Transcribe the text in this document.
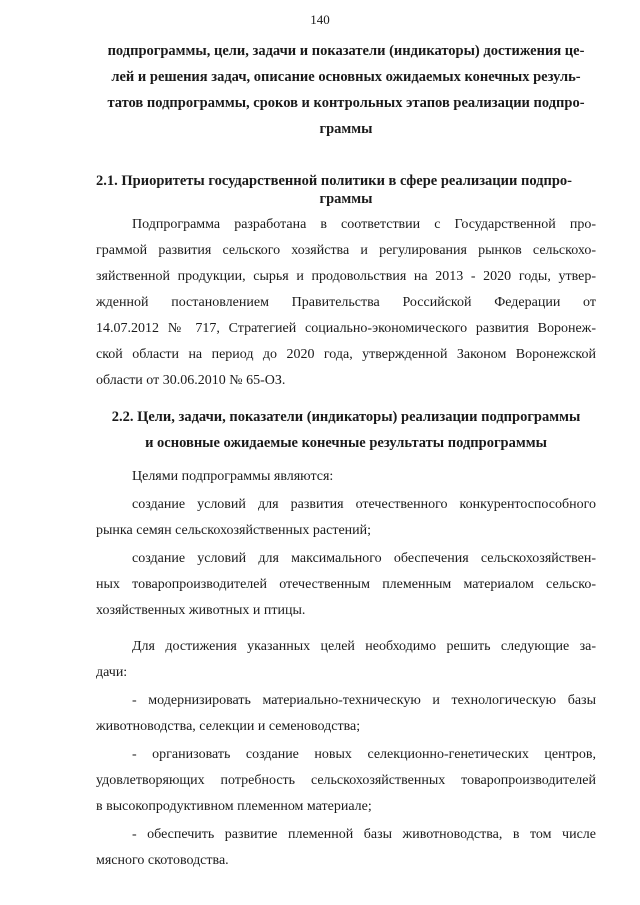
140
подпрограммы, цели, задачи и показатели (индикаторы) достижения це-
лей и решения задач, описание основных ожидаемых конечных резуль-
татов подпрограммы, сроков и контрольных этапов реализации подпро-
граммы
2.1. Приоритеты государственной политики в сфере реализации подпро-
граммы
Подпрограмма разработана в соответствии с Государственной про-
граммой развития сельского хозяйства и регулирования рынков сельскохо-
зяйственной продукции, сырья и продовольствия на 2013 - 2020 годы, утвер-
жденной постановлением Правительства Российской Федерации от
14.07.2012 № 717, Стратегией социально-экономического развития Воронеж-
ской области на период до 2020 года, утвержденной Законом Воронежской
области от 30.06.2010 № 65-ОЗ.
2.2. Цели, задачи, показатели (индикаторы) реализации подпрограммы
и основные ожидаемые конечные результаты подпрограммы
Целями подпрограммы являются:
создание условий для развития отечественного конкурентоспособного
рынка семян сельскохозяйственных растений;
создание условий для максимального обеспечения сельскохозяйствен-
ных товаропроизводителей отечественным племенным материалом сельско-
хозяйственных животных и птицы.
Для достижения указанных целей необходимо решить следующие за-
дачи:
- модернизировать материально-техническую и технологическую базы
животноводства, селекции и семеноводства;
- организовать создание новых селекционно-генетических центров,
удовлетворяющих потребность сельскохозяйственных товаропроизводителей
в высокопродуктивном племенном материале;
- обеспечить развитие племенной базы животноводства, в том числе
мясного скотоводства.
